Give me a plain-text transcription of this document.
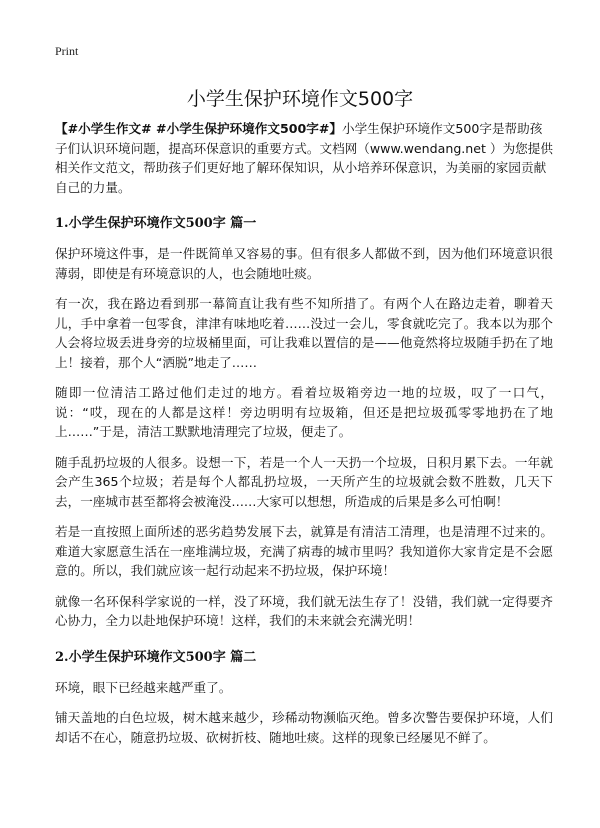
Print
小学生保护环境作文500字

【#小学生作文# #小学生保护环境作文500字#】小学生保护环境作文500字是帮助孩子们认识环境问题，提高环保意识的重要方式。文档网（www.wendang.net ）为您提供相关作文范文，帮助孩子们更好地了解环保知识，从小培养环保意识，为美丽的家园贡献自己的力量。

1.小学生保护环境作文500字 篇一

保护环境这件事，是一件既简单又容易的事。但有很多人都做不到，因为他们环境意识很薄弱，即使是有环境意识的人，也会随地吐痰。

有一次，我在路边看到那一幕简直让我有些不知所措了。有两个人在路边走着，聊着天儿，手中拿着一包零食，津津有味地吃着……没过一会儿，零食就吃完了。我本以为那个人会将垃圾丢进身旁的垃圾桶里面，可让我难以置信的是——他竟然将垃圾随手扔在了地上！接着，那个人“洒脱”地走了……

随即一位清洁工路过他们走过的地方。看着垃圾箱旁边一地的垃圾，叹了一口气，说：“哎，现在的人都是这样！旁边明明有垃圾箱，但还是把垃圾孤零零地扔在了地上……”于是，清洁工默默地清理完了垃圾，便走了。

随手乱扔垃圾的人很多。设想一下，若是一个人一天扔一个垃圾，日积月累下去。一年就会产生365个垃圾；若是每个人都乱扔垃圾，一天所产生的垃圾就会数不胜数，几天下去，一座城市甚至都将会被淹没……大家可以想想，所造成的后果是多么可怕啊！

若是一直按照上面所述的恶劣趋势发展下去，就算是有清洁工清理，也是清理不过来的。难道大家愿意生活在一座堆满垃圾，充满了病毒的城市里吗？我知道你大家肯定是不会愿意的。所以，我们就应该一起行动起来不扔垃圾，保护环境！

就像一名环保科学家说的一样，没了环境，我们就无法生存了！没错，我们就一定得要齐心协力，全力以赴地保护环境！这样，我们的未来就会充满光明！

2.小学生保护环境作文500字 篇二

环境，眼下已经越来越严重了。

铺天盖地的白色垃圾，树木越来越少，珍稀动物濒临灭绝。曾多次警告要保护环境，人们却话不在心，随意扔垃圾、砍树折枝、随地吐痰。这样的现象已经屡见不鲜了。
